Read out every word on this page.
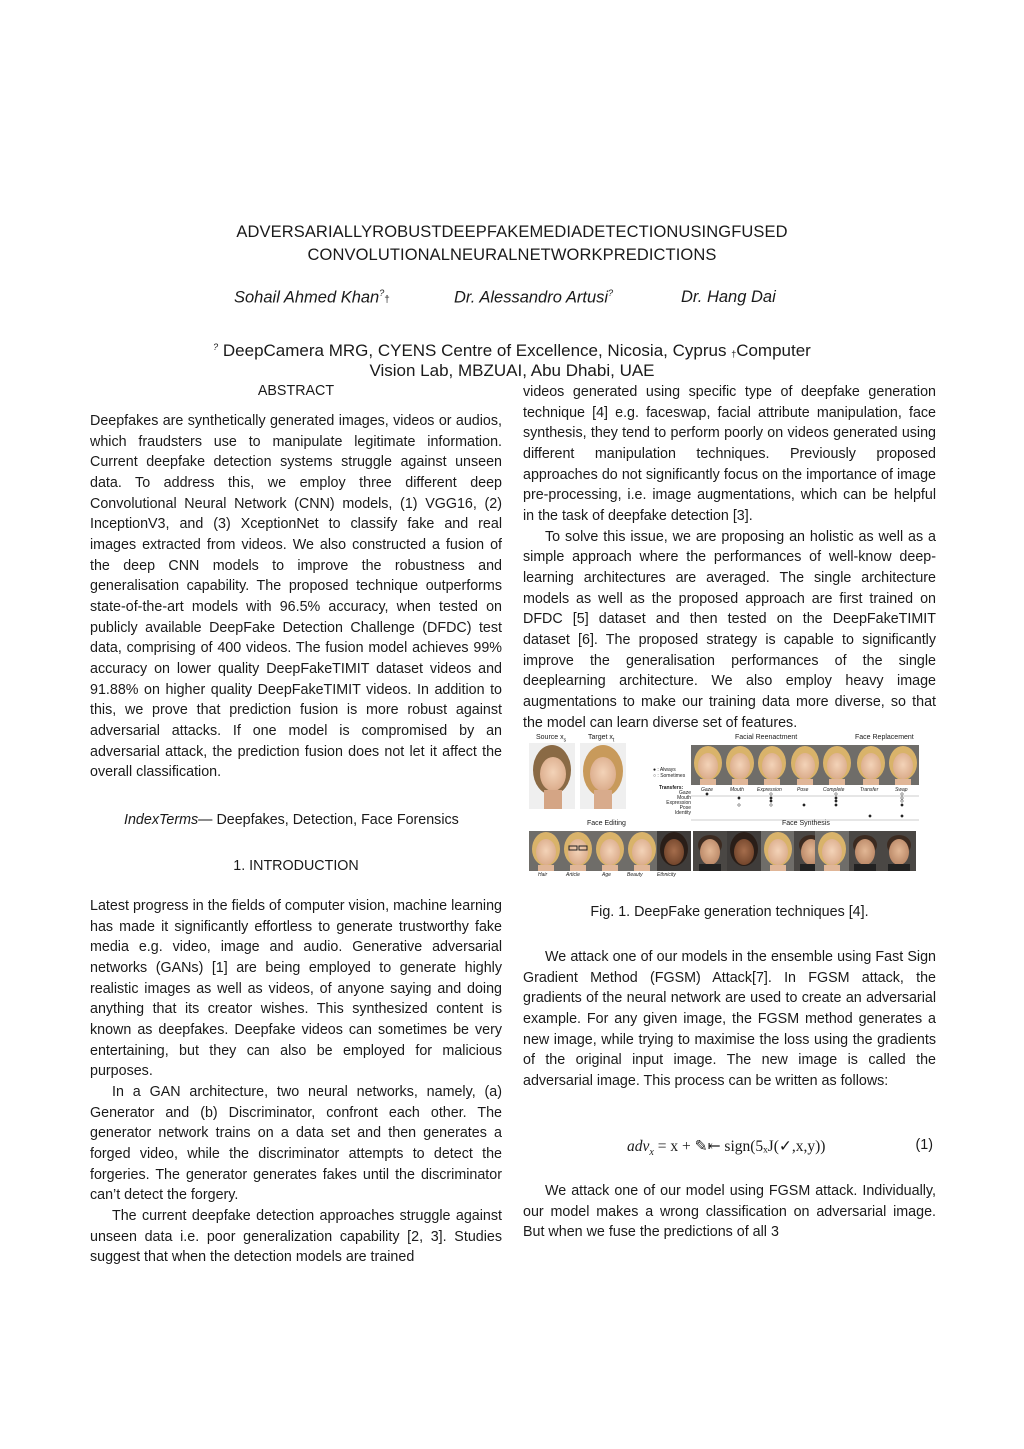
ADVERSARIALLYROBUSTDEEPFAKEMEDIADETECTIONUSINGFUSED
CONVOLUTIONALNEURALNETWORKPREDICTIONS
Sohail Ahmed Khan?†	Dr. Alessandro Artusi?	Dr. Hang Dai
? DeepCamera MRG, CYENS Centre of Excellence, Nicosia, Cyprus †Computer
Vision Lab, MBZUAI, Abu Dhabi, UAE
ABSTRACT

Deepfakes are synthetically generated images, videos or audios, which fraudsters use to manipulate legitimate information. Current deepfake detection systems struggle against unseen data. To address this, we employ three different deep Convolutional Neural Network (CNN) models, (1) VGG16, (2) InceptionV3, and (3) XceptionNet to classify fake and real images extracted from videos. We also constructed a fusion of the deep CNN models to improve the robustness and generalisation capability. The proposed technique outperforms state-of-the-art models with 96.5% accuracy, when tested on publicly available DeepFake Detection Challenge (DFDC) test data, comprising of 400 videos. The fusion model achieves 99% accuracy on lower quality DeepFakeTIMIT dataset videos and 91.88% on higher quality DeepFakeTIMIT videos. In addition to this, we prove that prediction fusion is more robust against adversarial attacks. If one model is compromised by an adversarial attack, the prediction fusion does not let it affect the overall classification.

IndexTerms— Deepfakes, Detection, Face Forensics
1. INTRODUCTION

Latest progress in the fields of computer vision, machine learning has made it significantly effortless to generate trustworthy fake media e.g. video, image and audio. Generative adversarial networks (GANs) [1] are being employed to generate highly realistic images as well as videos, of anyone saying and doing anything that its creator wishes. This synthesized content is known as deepfakes. Deepfake videos can sometimes be very entertaining, but they can also be employed for malicious purposes.

In a GAN architecture, two neural networks, namely, (a) Generator and (b) Discriminator, confront each other. The generator network trains on a data set and then generates a forged video, while the discriminator attempts to detect the forgeries. The generator generates fakes until the discriminator can’t detect the forgery.

The current deepfake detection approaches struggle against unseen data i.e. poor generalization capability [2, 3]. Studies suggest that when the detection models are trained

videos generated using specific type of deepfake generation technique [4] e.g. faceswap, facial attribute manipulation, face synthesis, they tend to perform poorly on videos generated using different manipulation techniques. Previously proposed approaches do not significantly focus on the importance of image pre-processing, i.e. image augmentations, which can be helpful in the task of deepfake detection [3].

To solve this issue, we are proposing an holistic as well as a simple approach where the performances of well-know deep-learning architectures are averaged. The single architecture models as well as the proposed approach are first trained on DFDC [5] dataset and then tested on the DeepFakeTIMIT dataset [6]. The proposed strategy is capable to significantly improve the generalisation performances of the single deeplearning architecture. We also employ heavy image augmentations to make our training data more diverse, so that the model can learn diverse set of features.

Source $x_s$	Target $x_t$	Facial Reenactment	Face Replacement
● : Always
○ : Sometimes
Transfers:
Gaze
Mouth
Expression
Pose
Identity
Gaze	Mouth	Expression	Pose	Complete	Transfer	Swap
Face Editing	Face Synthesis
Hair	Article	Age	Beauty	Ethnicity
Fig. 1. DeepFake generation techniques [4].

We attack one of our models in the ensemble using Fast Sign Gradient Method (FGSM) Attack[7]. In FGSM attack, the gradients of the neural network are used to create an adversarial example. For any given image, the FGSM method generates a new image, while trying to maximise the loss using the gradients of the original input image. The new image is called the adversarial image. This process can be written as follows:

adv$_x$ = x + ✎⇤ sign(5ₓJ(✓,x,y))	(1)

We attack one of our model using FGSM attack. Individually, our model makes a wrong classification on adversarial image. But when we fuse the predictions of all 3
